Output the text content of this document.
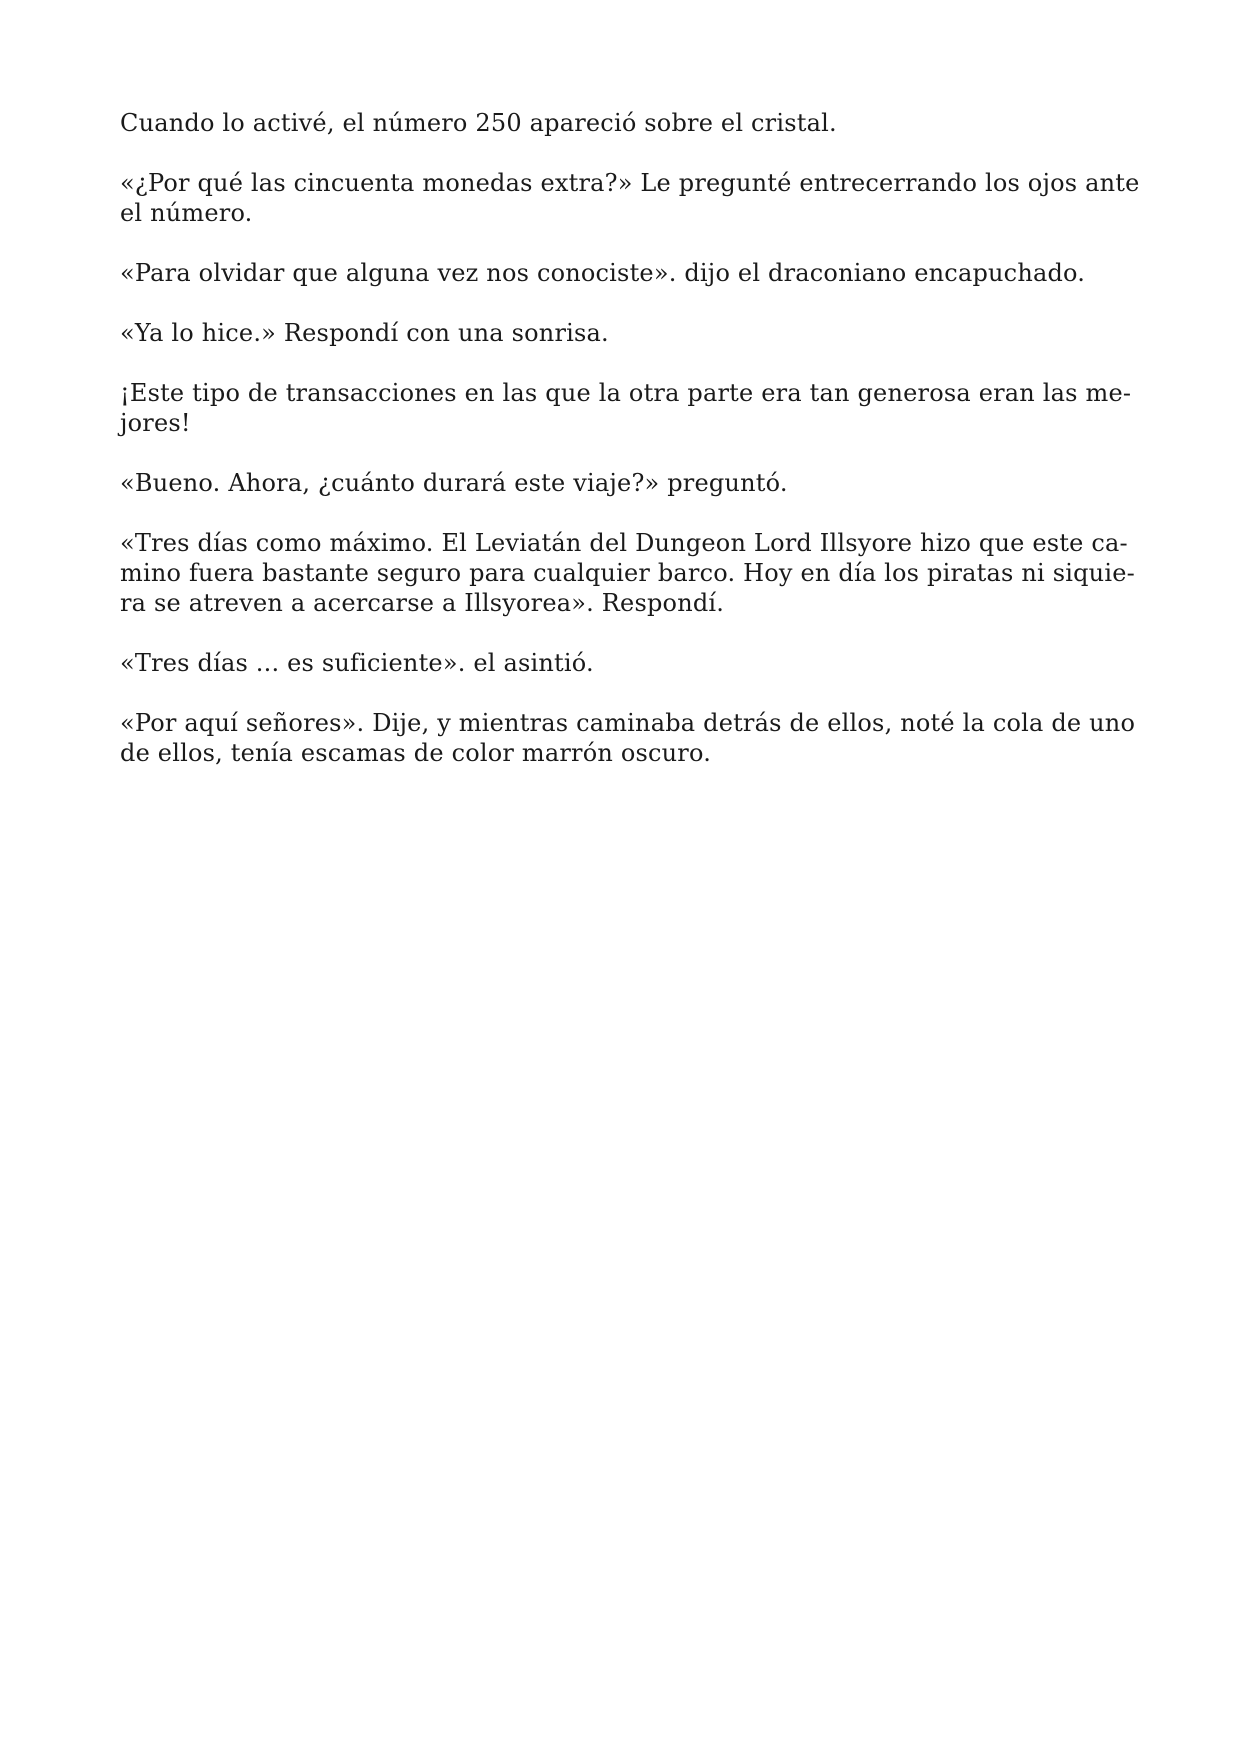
Cuando lo activé, el número 250 apareció sobre el cristal.

«¿Por qué las cincuenta monedas extra?» Le pregunté entrecerrando los ojos ante
el número.

«Para olvidar que alguna vez nos conociste». dijo el draconiano encapuchado.

«Ya lo hice.» Respondí con una sonrisa.

¡Este tipo de transacciones en las que la otra parte era tan generosa eran las me-
jores!

«Bueno. Ahora, ¿cuánto durará este viaje?» preguntó.

«Tres días como máximo. El Leviatán del Dungeon Lord Illsyore hizo que este ca-
mino fuera bastante seguro para cualquier barco. Hoy en día los piratas ni siquie-
ra se atreven a acercarse a Illsyorea». Respondí.

«Tres días ... es suficiente». el asintió.

«Por aquí señores». Dije, y mientras caminaba detrás de ellos, noté la cola de uno
de ellos, tenía escamas de color marrón oscuro.
